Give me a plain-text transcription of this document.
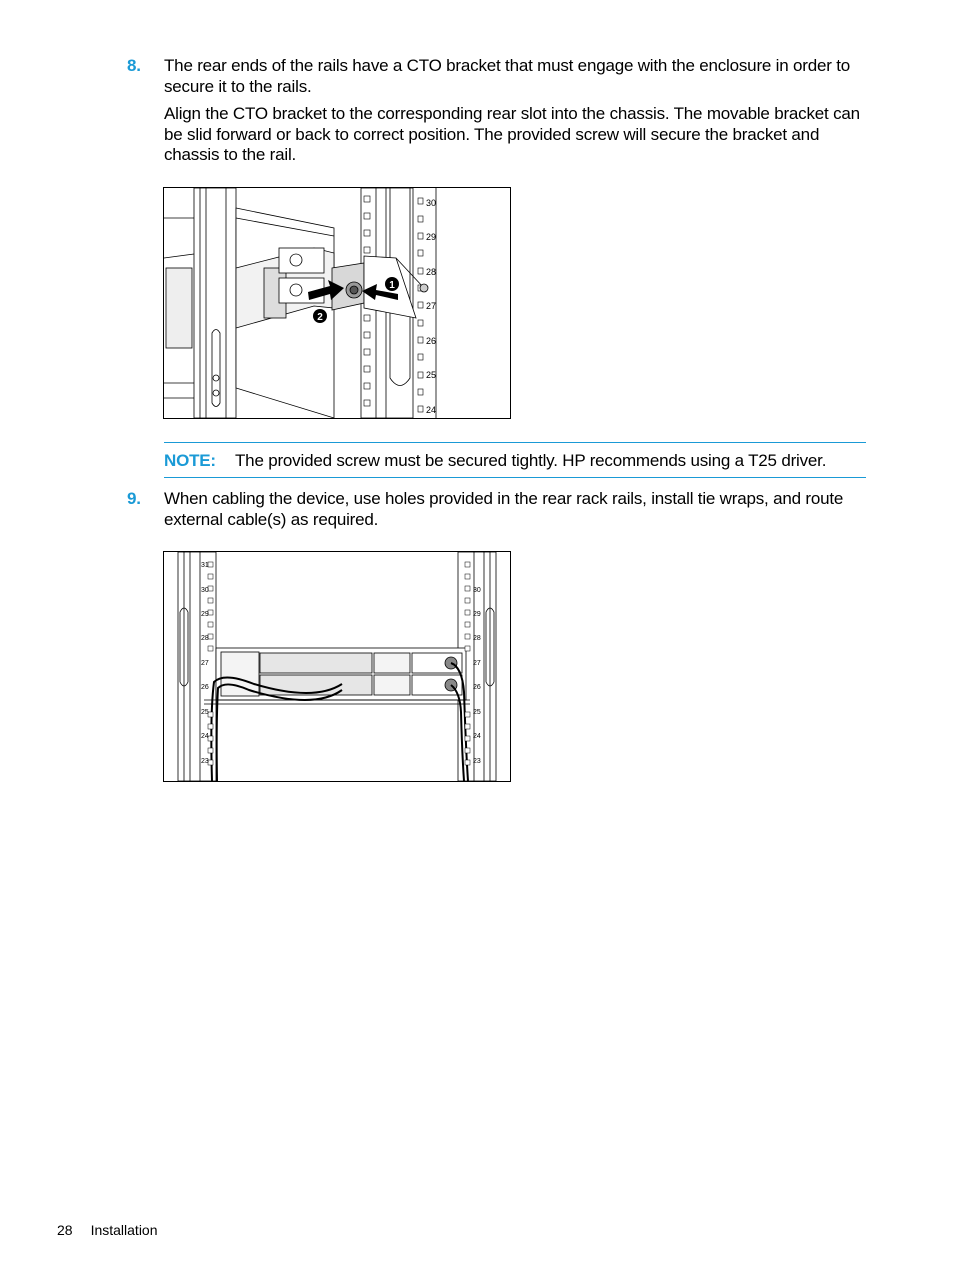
8. The rear ends of the rails have a CTO bracket that must engage with the enclosure in order to secure it to the rails.
Align the CTO bracket to the corresponding rear slot into the chassis. The movable bracket can be slid forward or back to correct position. The provided screw will secure the bracket and chassis to the rail.
1
2
30
29
28
27
26
25
24
NOTE: The provided screw must be secured tightly. HP recommends using a T25 driver.
9. When cabling the device, use holes provided in the rear rack rails, install tie wraps, and route external cable(s) as required.
31
30
29
28
27
26
25
24
23
30
29
28
27
26
25
24
23
28 Installation
